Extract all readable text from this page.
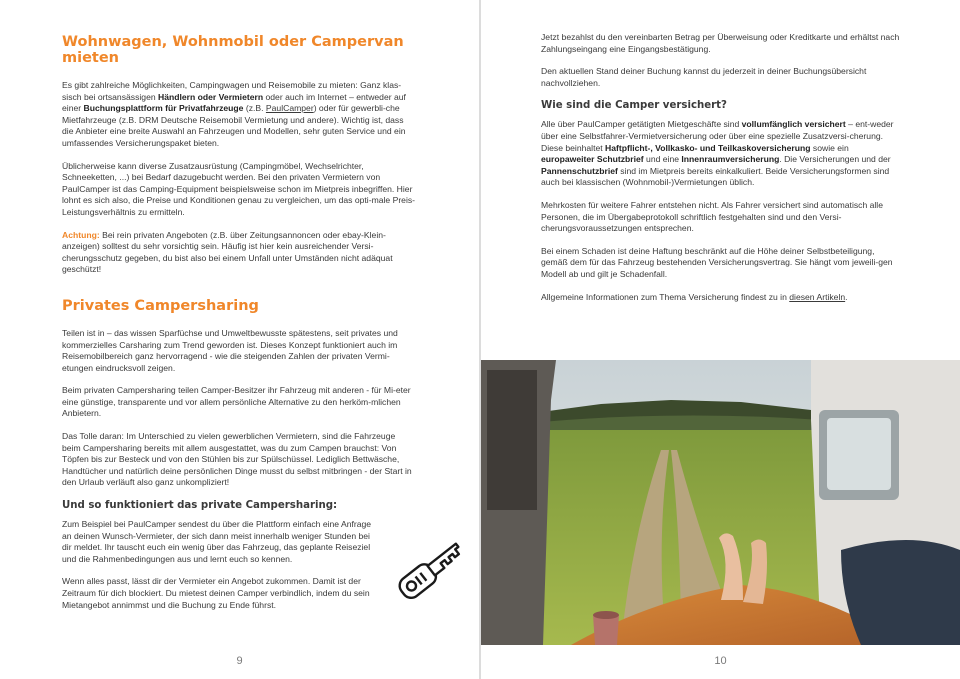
Wohnwagen, Wohnmobil oder Campervan mieten

Es gibt zahlreiche Möglichkeiten, Campingwagen und Reisemobile zu mieten: Ganz klas-sisch bei ortsansässigen Händlern oder Vermietern oder auch im Internet – entweder auf einer Buchungsplattform für Privatfahrzeuge (z.B. PaulCamper) oder für gewerbli-che Mietfahrzeuge (z.B. DRM Deutsche Reisemobil Vermietung und andere). Wichtig ist, dass die Anbieter eine breite Auswahl an Fahrzeugen und Modellen, sehr guten Service und ein umfassendes Versicherungspaket bieten.

Üblicherweise kann diverse Zusatzausrüstung (Campingmöbel, Wechselrichter, Schneeketten, ...) bei Bedarf dazugebucht werden. Bei den privaten Vermietern von PaulCamper ist das Camping-Equipment beispielsweise schon im Mietpreis inbegriffen. Hier lohnt es sich also, die Preise und Konditionen genau zu vergleichen, um das opti-male Preis-Leistungsverhältnis zu ermitteln.

Achtung: Bei rein privaten Angeboten (z.B. über Zeitungsannoncen oder ebay-Klein-anzeigen) solltest du sehr vorsichtig sein. Häufig ist hier kein ausreichender Versi-cherungsschutz gegeben, du bist also bei einem Unfall unter Umständen nicht adäquat geschützt!

Privates Campersharing

Teilen ist in – das wissen Sparfüchse und Umweltbewusste spätestens, seit privates und kommerzielles Carsharing zum Trend geworden ist. Dieses Konzept funktioniert auch im Reisemobilbereich ganz hervorragend - wie die steigenden Zahlen der privaten Vermi-etungen eindrucksvoll zeigen.

Beim privaten Campersharing teilen Camper-Besitzer ihr Fahrzeug mit anderen - für Mi-eter eine günstige, transparente und vor allem persönliche Alternative zu den herköm-mlichen Anbietern.

Das Tolle daran: Im Unterschied zu vielen gewerblichen Vermietern, sind die Fahrzeuge beim Campersharing bereits mit allem ausgestattet, was du zum Campen brauchst: Von Töpfen bis zur Besteck und von den Stühlen bis zur Spülschüssel. Lediglich Bettwäsche, Handtücher und natürlich deine persönlichen Dinge musst du selbst mitbringen - der Start in den Urlaub verläuft also ganz unkompliziert!

Und so funktioniert das private Campersharing:

Zum Beispiel bei PaulCamper sendest du über die Plattform einfach eine Anfrage an deinen Wunsch-Vermieter, der sich dann meist innerhalb weniger Stunden bei dir meldet. Ihr tauscht euch ein wenig über das Fahrzeug, das geplante Reiseziel und die Rahmenbedingungen aus und lernt euch so kennen.

Wenn alles passt, lässt dir der Vermieter ein Angebot zukommen. Damit ist der Zeitraum für dich blockiert. Du mietest deinen Camper verbindlich, indem du sein Mietangebot annimmst und die Buchung zu Ende führst.

9

Jetzt bezahlst du den vereinbarten Betrag per Überweisung oder Kreditkarte und erhältst nach Zahlungseingang eine Eingangsbestätigung.

Den aktuellen Stand deiner Buchung kannst du jederzeit in deiner Buchungsübersicht nachvollziehen.

Wie sind die Camper versichert?

Alle über PaulCamper getätigten Mietgeschäfte sind vollumfänglich versichert – ent-weder über eine Selbstfahrer-Vermietversicherung oder über eine spezielle Zusatzversi-cherung. Diese beinhaltet Haftpflicht-, Vollkasko- und Teilkaskoversicherung sowie ein europaweiter Schutzbrief und eine Innenraumversicherung. Die Versicherungen und der Pannenschutzbrief sind im Mietpreis bereits einkalkuliert. Beide Versicherungsformen sind auch bei klassischen (Wohnmobil-)Vermietungen üblich.

Mehrkosten für weitere Fahrer entstehen nicht. Als Fahrer versichert sind automatisch alle Personen, die im Übergabeprotokoll schriftlich festgehalten sind und den Versi-cherungsvoraussetzungen entsprechen.

Bei einem Schaden ist deine Haftung beschränkt auf die Höhe deiner Selbstbeteiligung, gemäß dem für das Fahrzeug bestehenden Versicherungsvertrag. Sie hängt vom jeweili-gen Modell ab und gilt je Schadenfall.

Allgemeine Informationen zum Thema Versicherung findest zu in diesen Artikeln.

10
